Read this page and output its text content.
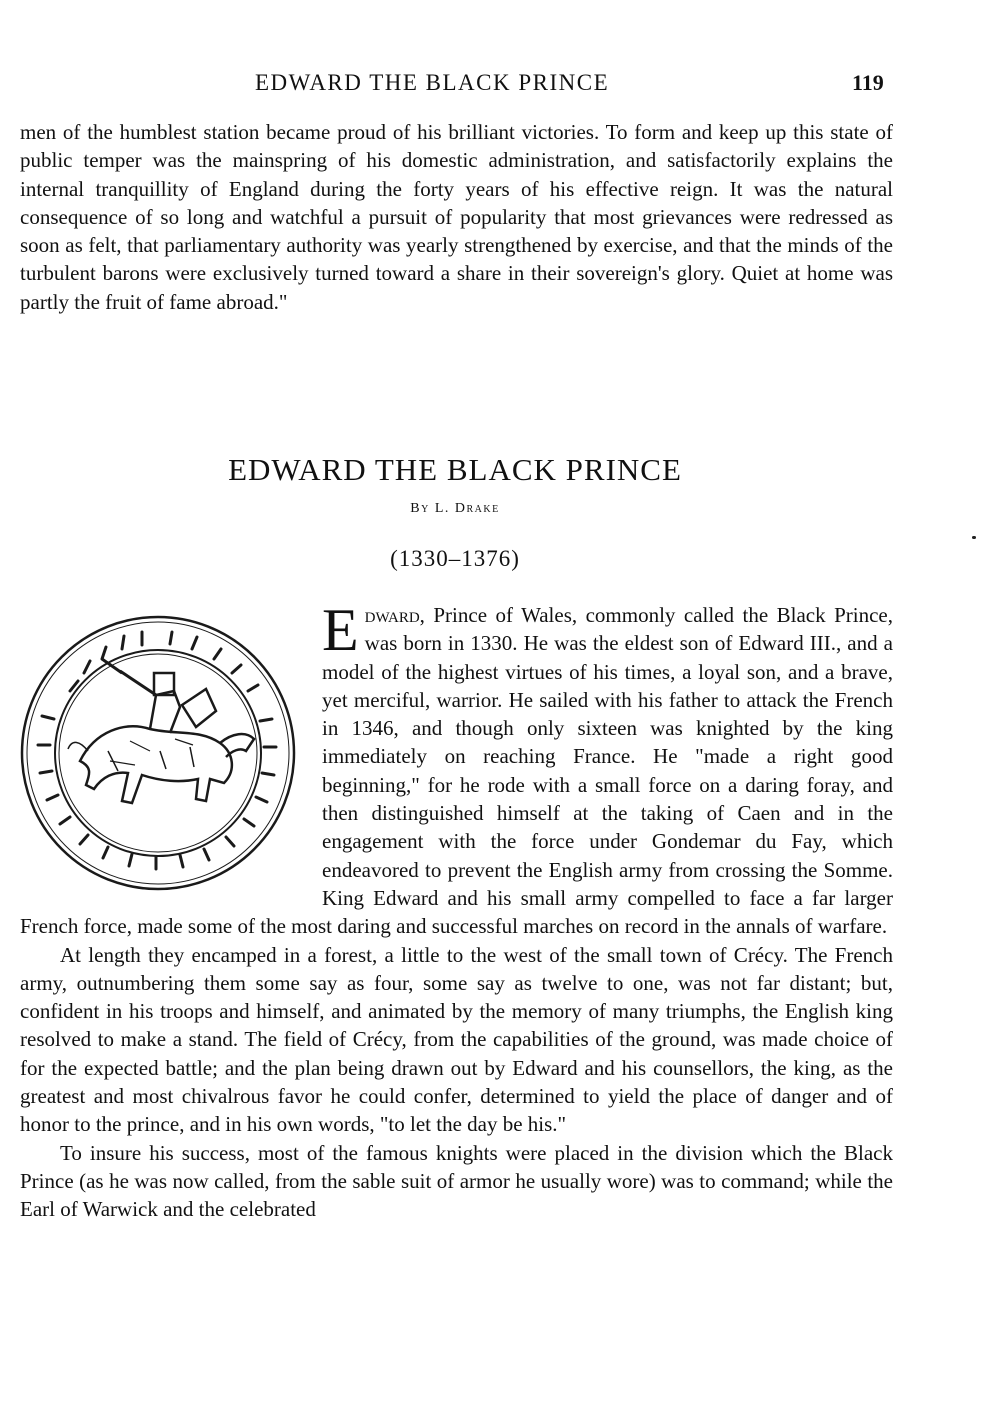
EDWARD THE BLACK PRINCE	119

men of the humblest station became proud of his brilliant victories. To form and keep up this state of public temper was the mainspring of his domestic administration, and satisfactorily explains the internal tranquillity of England during the forty years of his effective reign. It was the natural consequence of so long and watchful a pursuit of popularity that most grievances were redressed as soon as felt, that parliamentary authority was yearly strengthened by exercise, and that the minds of the turbulent barons were exclusively turned toward a share in their sovereign's glory. Quiet at home was partly the fruit of fame abroad."

EDWARD THE BLACK PRINCE
By L. Drake
(1330–1376)

Edward, Prince of Wales, commonly called the Black Prince, was born in 1330. He was the eldest son of Edward III., and a model of the highest virtues of his times, a loyal son, and a brave, yet merciful, warrior. He sailed with his father to attack the French in 1346, and though only sixteen was knighted by the king immediately on reaching France. He "made a right good beginning," for he rode with a small force on a daring foray, and then distinguished himself at the taking of Caen and in the engagement with the force under Gondemar du Fay, which endeavored to prevent the English army from crossing the Somme. King Edward and his small army compelled to face a far larger French force, made some of the most daring and successful marches on record in the annals of warfare.

At length they encamped in a forest, a little to the west of the small town of Crécy. The French army, outnumbering them some say as four, some say as twelve to one, was not far distant; but, confident in his troops and himself, and animated by the memory of many triumphs, the English king resolved to make a stand. The field of Crécy, from the capabilities of the ground, was made choice of for the expected battle; and the plan being drawn out by Edward and his counsellors, the king, as the greatest and most chivalrous favor he could confer, determined to yield the place of danger and of honor to the prince, and in his own words, "to let the day be his."

To insure his success, most of the famous knights were placed in the division which the Black Prince (as he was now called, from the sable suit of armor he usually wore) was to command; while the Earl of Warwick and the celebrated
